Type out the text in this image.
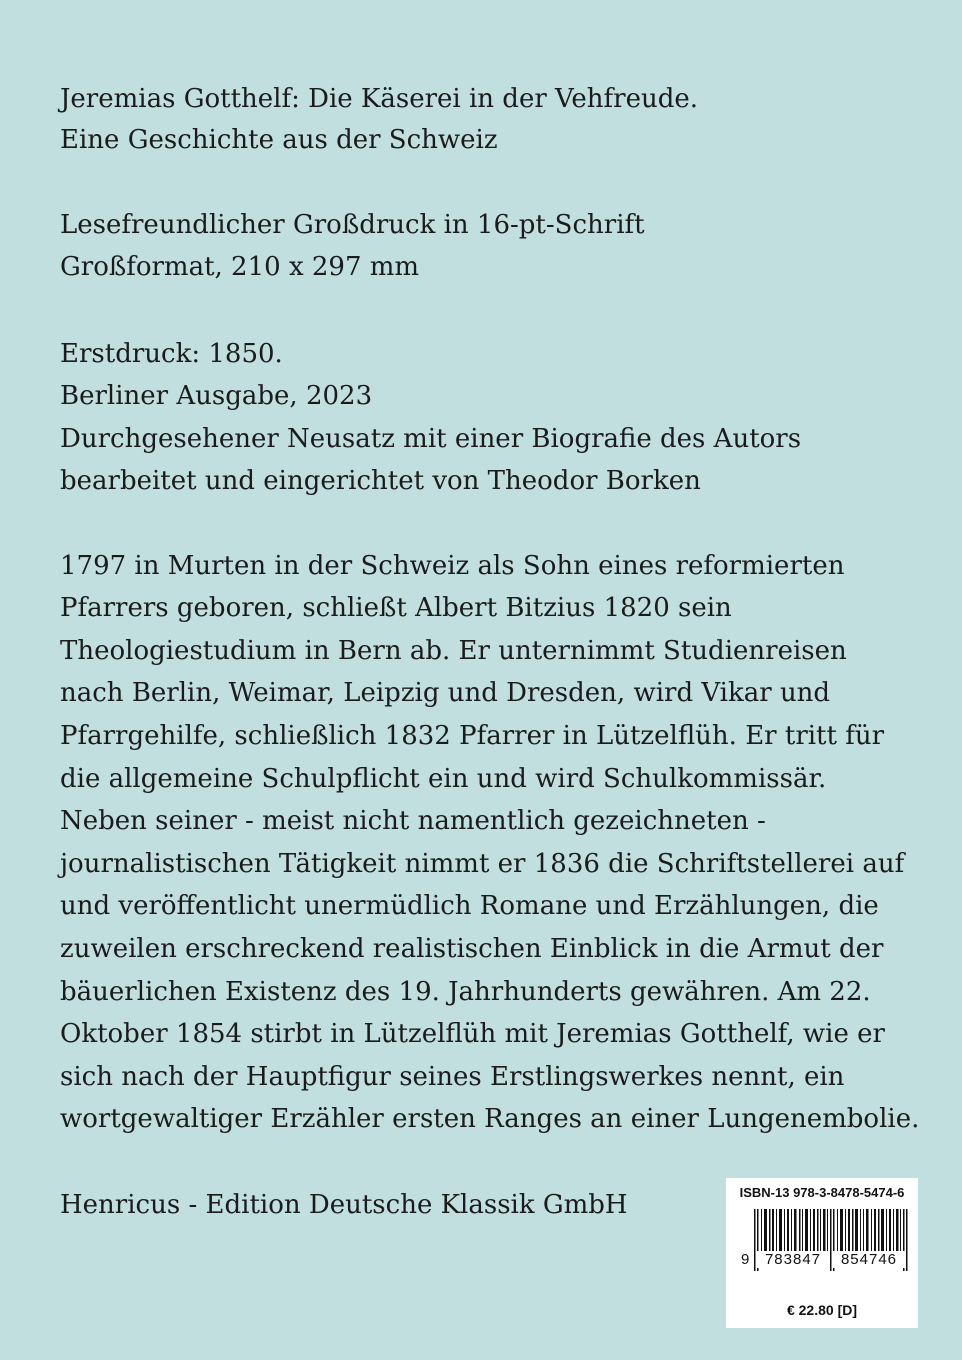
Jeremias Gotthelf: Die Käserei in der Vehfreude.
Eine Geschichte aus der Schweiz
Lesefreundlicher Großdruck in 16-pt-Schrift
Großformat, 210 x 297 mm
Erstdruck: 1850.
Berliner Ausgabe, 2023
Durchgesehener Neusatz mit einer Biografie des Autors
bearbeitet und eingerichtet von Theodor Borken
1797 in Murten in der Schweiz als Sohn eines reformierten
Pfarrers geboren, schließt Albert Bitzius 1820 sein
Theologiestudium in Bern ab. Er unternimmt Studienreisen
nach Berlin, Weimar, Leipzig und Dresden, wird Vikar und
Pfarrgehilfe, schließlich 1832 Pfarrer in Lützelflüh. Er tritt für
die allgemeine Schulpflicht ein und wird Schulkommissär.
Neben seiner - meist nicht namentlich gezeichneten -
journalistischen Tätigkeit nimmt er 1836 die Schriftstellerei auf
und veröffentlicht unermüdlich Romane und Erzählungen, die
zuweilen erschreckend realistischen Einblick in die Armut der
bäuerlichen Existenz des 19. Jahrhunderts gewähren. Am 22.
Oktober 1854 stirbt in Lützelflüh mit Jeremias Gotthelf, wie er
sich nach der Hauptfigur seines Erstlingswerkes nennt, ein
wortgewaltiger Erzähler ersten Ranges an einer Lungenembolie.
Henricus - Edition Deutsche Klassik GmbH	ISBN-13 978-3-8478-5474-6
9	783847	854746
€ 22.80 [D]
